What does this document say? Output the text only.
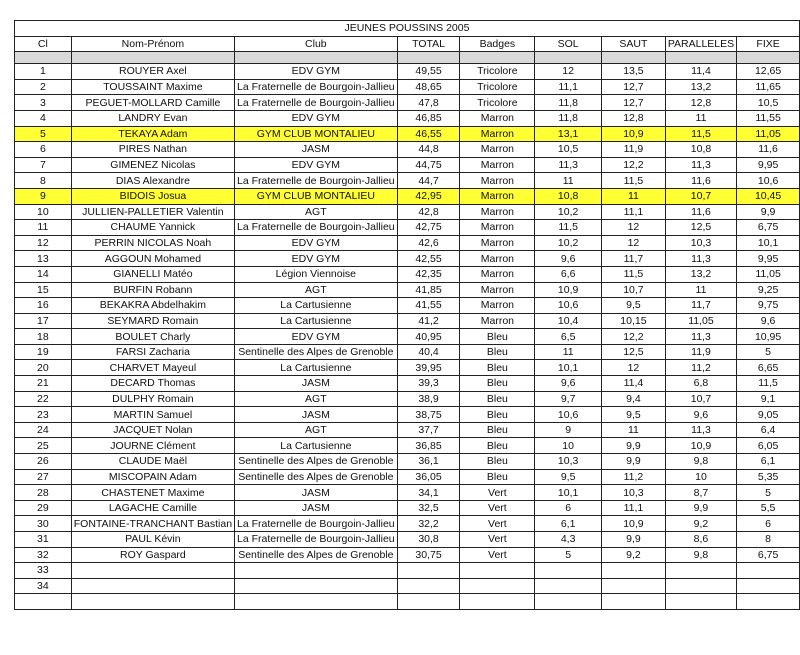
JEUNES POUSSINS 2005								
Cl	Nom-Prénom	Club	TOTAL	Badges	SOL	SAUT	PARALLELES	FIXE

1	ROUYER Axel	EDV GYM	49,55	Tricolore	12	13,5	11,4	12,65
2	TOUSSAINT Maxime	La Fraternelle de Bourgoin-Jallieu	48,65	Tricolore	11,1	12,7	13,2	11,65
3	PEGUET-MOLLARD Camille	La Fraternelle de Bourgoin-Jallieu	47,8	Tricolore	11,8	12,7	12,8	10,5
4	LANDRY Evan	EDV GYM	46,85	Marron	11,8	12,8	11	11,55
5	TEKAYA Adam	GYM CLUB MONTALIEU	46,55	Marron	13,1	10,9	11,5	11,05
6	PIRES Nathan	JASM	44,8	Marron	10,5	11,9	10,8	11,6
7	GIMENEZ Nicolas	EDV GYM	44,75	Marron	11,3	12,2	11,3	9,95
8	DIAS Alexandre	La Fraternelle de Bourgoin-Jallieu	44,7	Marron	11	11,5	11,6	10,6
9	BIDOIS Josua	GYM CLUB MONTALIEU	42,95	Marron	10,8	11	10,7	10,45
10	JULLIEN-PALLETIER Valentin	AGT	42,8	Marron	10,2	11,1	11,6	9,9
11	CHAUME Yannick	La Fraternelle de Bourgoin-Jallieu	42,75	Marron	11,5	12	12,5	6,75
12	PERRIN NICOLAS Noah	EDV GYM	42,6	Marron	10,2	12	10,3	10,1
13	AGGOUN Mohamed	EDV GYM	42,55	Marron	9,6	11,7	11,3	9,95
14	GIANELLI Matéo	Légion Viennoise	42,35	Marron	6,6	11,5	13,2	11,05
15	BURFIN Robann	AGT	41,85	Marron	10,9	10,7	11	9,25
16	BEKAKRA Abdelhakim	La Cartusienne	41,55	Marron	10,6	9,5	11,7	9,75
17	SEYMARD Romain	La Cartusienne	41,2	Marron	10,4	10,15	11,05	9,6
18	BOULET Charly	EDV GYM	40,95	Bleu	6,5	12,2	11,3	10,95
19	FARSI Zacharia	Sentinelle des Alpes de Grenoble	40,4	Bleu	11	12,5	11,9	5
20	CHARVET Mayeul	La Cartusienne	39,95	Bleu	10,1	12	11,2	6,65
21	DECARD Thomas	JASM	39,3	Bleu	9,6	11,4	6,8	11,5
22	DULPHY Romain	AGT	38,9	Bleu	9,7	9,4	10,7	9,1
23	MARTIN Samuel	JASM	38,75	Bleu	10,6	9,5	9,6	9,05
24	JACQUET Nolan	AGT	37,7	Bleu	9	11	11,3	6,4
25	JOURNE Clément	La Cartusienne	36,85	Bleu	10	9,9	10,9	6,05
26	CLAUDE Maël	Sentinelle des Alpes de Grenoble	36,1	Bleu	10,3	9,9	9,8	6,1
27	MISCOPAIN Adam	Sentinelle des Alpes de Grenoble	36,05	Bleu	9,5	11,2	10	5,35
28	CHASTENET Maxime	JASM	34,1	Vert	10,1	10,3	8,7	5
29	LAGACHE Camille	JASM	32,5	Vert	6	11,1	9,9	5,5
30	FONTAINE-TRANCHANT Bastian	La Fraternelle de Bourgoin-Jallieu	32,2	Vert	6,1	10,9	9,2	6
31	PAUL Kévin	La Fraternelle de Bourgoin-Jallieu	30,8	Vert	4,3	9,9	8,6	8
32	ROY Gaspard	Sentinelle des Alpes de Grenoble	30,75	Vert	5	9,2	9,8	6,75
33								
34								
